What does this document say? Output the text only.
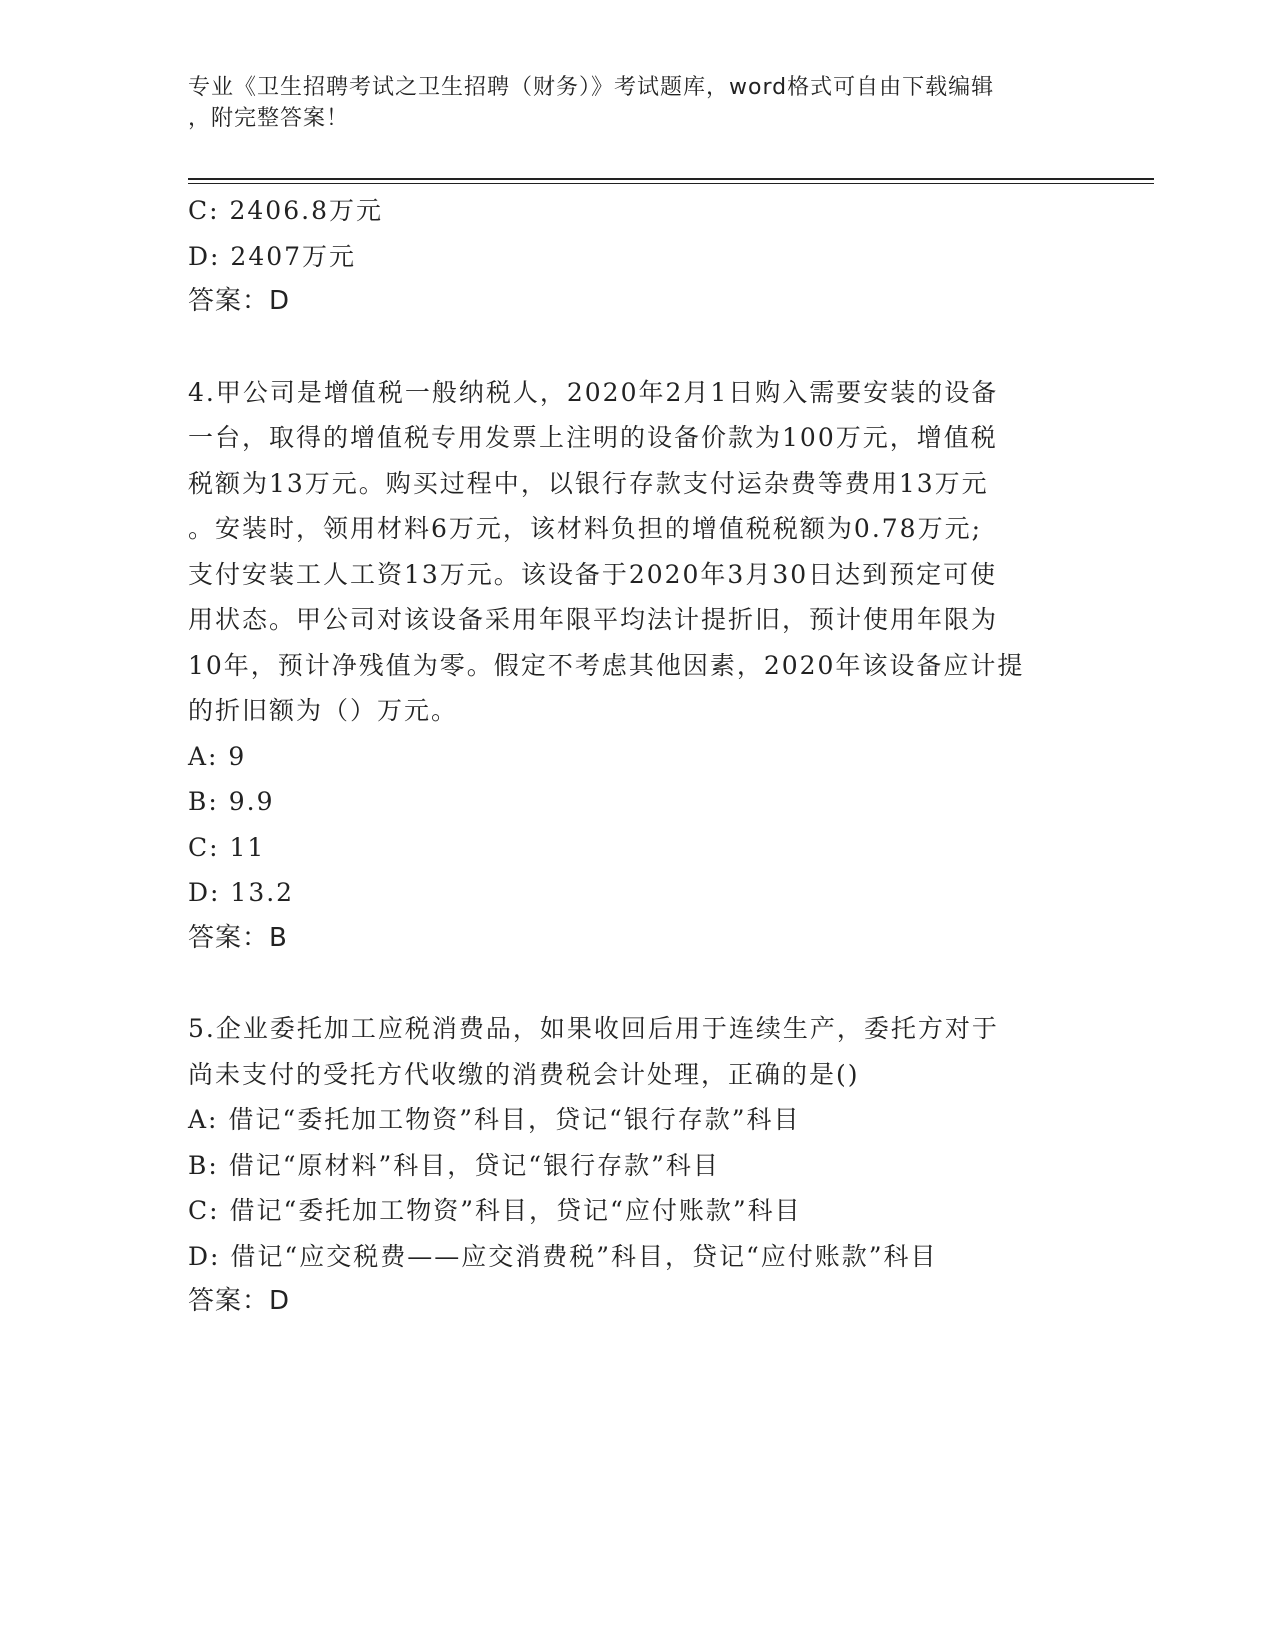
专业《卫生招聘考试之卫生招聘（财务）》考试题库，word格式可自由下载编辑
，附完整答案！
C: 2406.8万元
D: 2407万元
答案：D
4.甲公司是增值税一般纳税人，2020年2月1日购入需要安装的设备
一台，取得的增值税专用发票上注明的设备价款为100万元，增值税
税额为13万元。购买过程中，以银行存款支付运杂费等费用13万元
。安装时，领用材料6万元，该材料负担的增值税税额为0.78万元;
支付安装工人工资13万元。该设备于2020年3月30日达到预定可使
用状态。甲公司对该设备采用年限平均法计提折旧，预计使用年限为
10年，预计净残值为零。假定不考虑其他因素，2020年该设备应计提
的折旧额为（）万元。
A: 9
B: 9.9
C: 11
D: 13.2
答案：B
5.企业委托加工应税消费品，如果收回后用于连续生产，委托方对于
尚未支付的受托方代收缴的消费税会计处理，正确的是()
A: 借记“委托加工物资”科目，贷记“银行存款”科目
B: 借记“原材料”科目，贷记“银行存款”科目
C: 借记“委托加工物资”科目，贷记“应付账款”科目
D: 借记“应交税费——应交消费税”科目，贷记“应付账款”科目
答案：D
